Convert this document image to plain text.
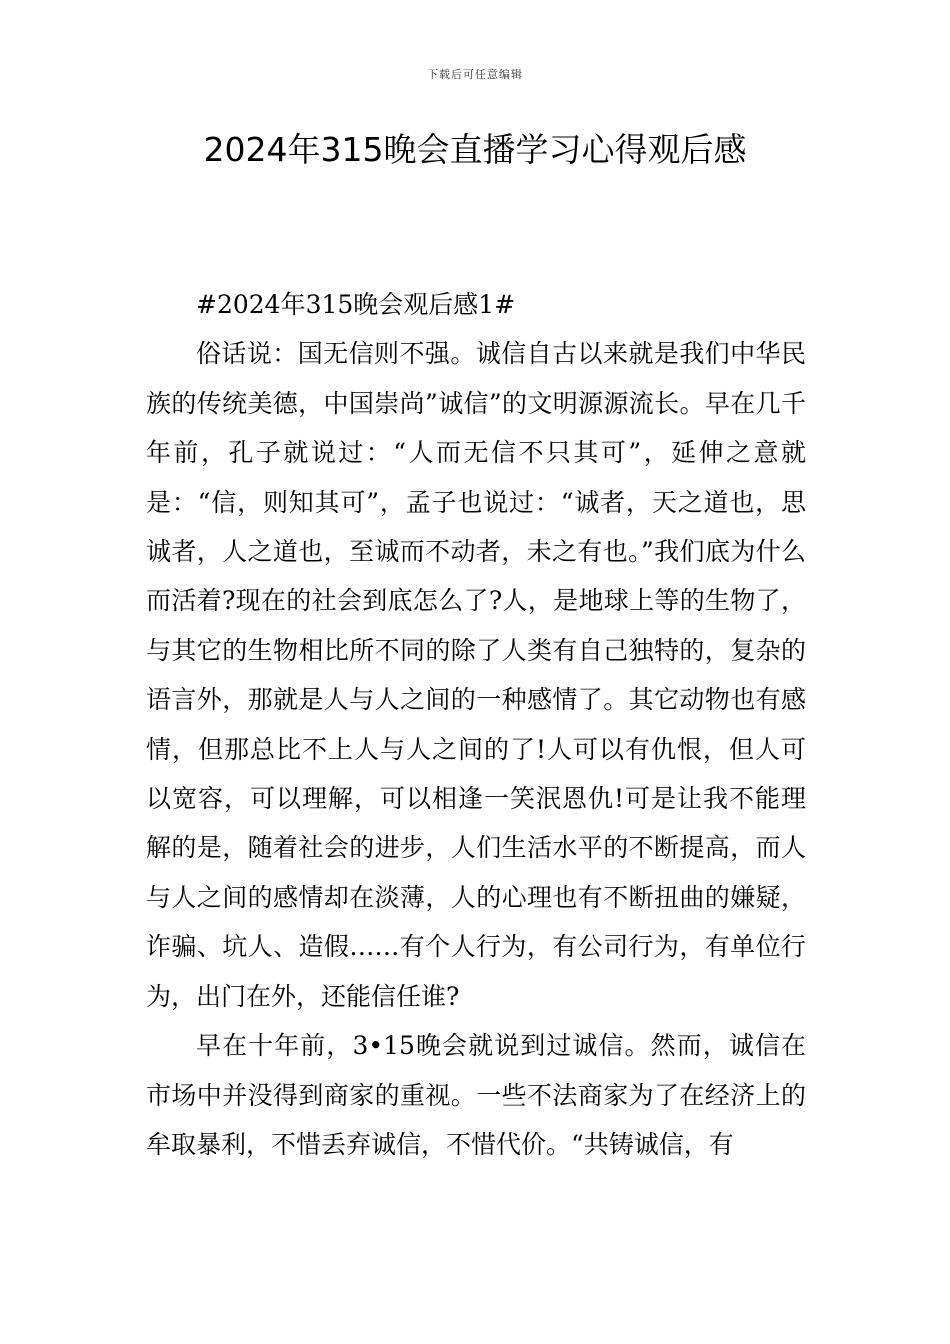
下载后可任意编辑
2024年315晚会直播学习心得观后感

#2024年315晚会观后感1#

俗话说：国无信则不强。诚信自古以来就是我们中华民族的传统美德，中国崇尚”诚信”的文明源源流长。早在几千年前，孔子就说过：“人而无信不只其可”，延伸之意就是：“信，则知其可”，孟子也说过：“诚者，天之道也，思诚者，人之道也，至诚而不动者，未之有也。”我们底为什么而活着?现在的社会到底怎么了?人，是地球上等的生物了，与其它的生物相比所不同的除了人类有自己独特的，复杂的语言外，那就是人与人之间的一种感情了。其它动物也有感情，但那总比不上人与人之间的了!人可以有仇恨，但人可以宽容，可以理解，可以相逢一笑泯恩仇!可是让我不能理解的是，随着社会的进步，人们生活水平的不断提高，而人与人之间的感情却在淡薄，人的心理也有不断扭曲的嫌疑，诈骗、坑人、造假……有个人行为，有公司行为，有单位行为，出门在外，还能信任谁?

早在十年前，3•15晚会就说到过诚信。然而，诚信在市场中并没得到商家的重视。一些不法商家为了在经济上的牟取暴利，不惜丢弃诚信，不惜代价。“共铸诚信，有
